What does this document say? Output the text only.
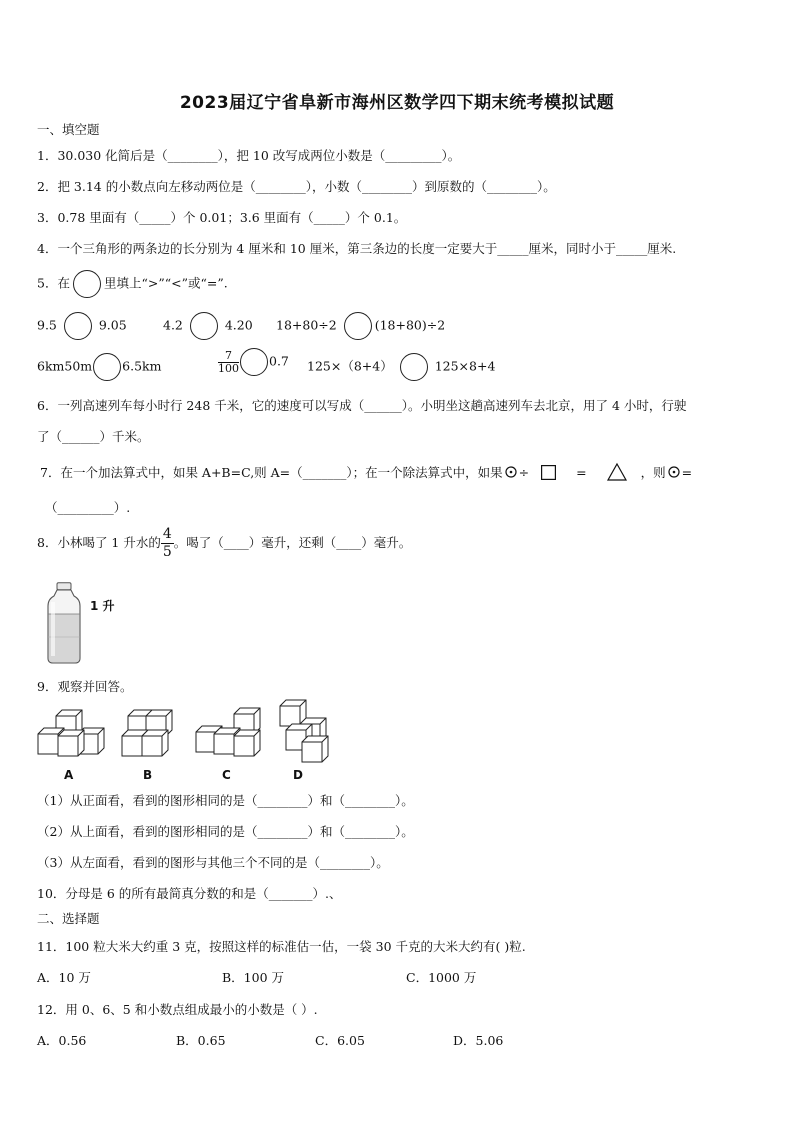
2023届辽宁省阜新市海州区数学四下期末统考模拟试题
一、填空题
1．30.030 化简后是（________），把 10 改写成两位小数是（_________）。
2．把 3.14 的小数点向左移动两位是（________），小数（________）到原数的（________）。
3．0.78 里面有（_____）个 0.01；3.6 里面有（_____）个 0.1。
4．一个三角形的两条边的长分别为 4 厘米和 10 厘米，第三条边的长度一定要大于_____厘米，同时小于_____厘米.
5．在	里填上“>”“<”或“=”.
9.5	9.05	4.2	4.20 18+80÷2	(18+80)÷2
6km50m 6.5km	$\frac{7}{100} 0.7$ 125×（8+4）	125×8+4
6．一列高速列车每小时行 248 千米，它的速度可以写成（______）。小明坐这趟高速列车去北京，用了 4 小时，行驶
了（______）千米。
7．在一个加法算式中，如果 A+B=C,则 A=（_______）；在一个除法算式中，如果 ÷	=	，则 =
（_________）.
8．小林喝了 1 升水的 $\frac{4}{5}$ 。喝了（____）毫升，还剩（____）毫升。
1 升
9．观察并回答。
A	B	C	D
（1）从正面看，看到的图形相同的是（________）和（________）。
（2）从上面看，看到的图形相同的是（________）和（________）。
（3）从左面看，看到的图形与其他三个不同的是（________）。
10．分母是 6 的所有最简真分数的和是（_______）.、
二、选择题
11．100 粒大米大约重 3 克，按照这样的标准估一估，一袋 30 千克的大米大约有( )粒.
A．10 万	B．100 万	C．1000 万
12．用 0、6、5 和小数点组成最小的小数是（ ）.
A．0.56	B．0.65	C．6.05	D．5.06
